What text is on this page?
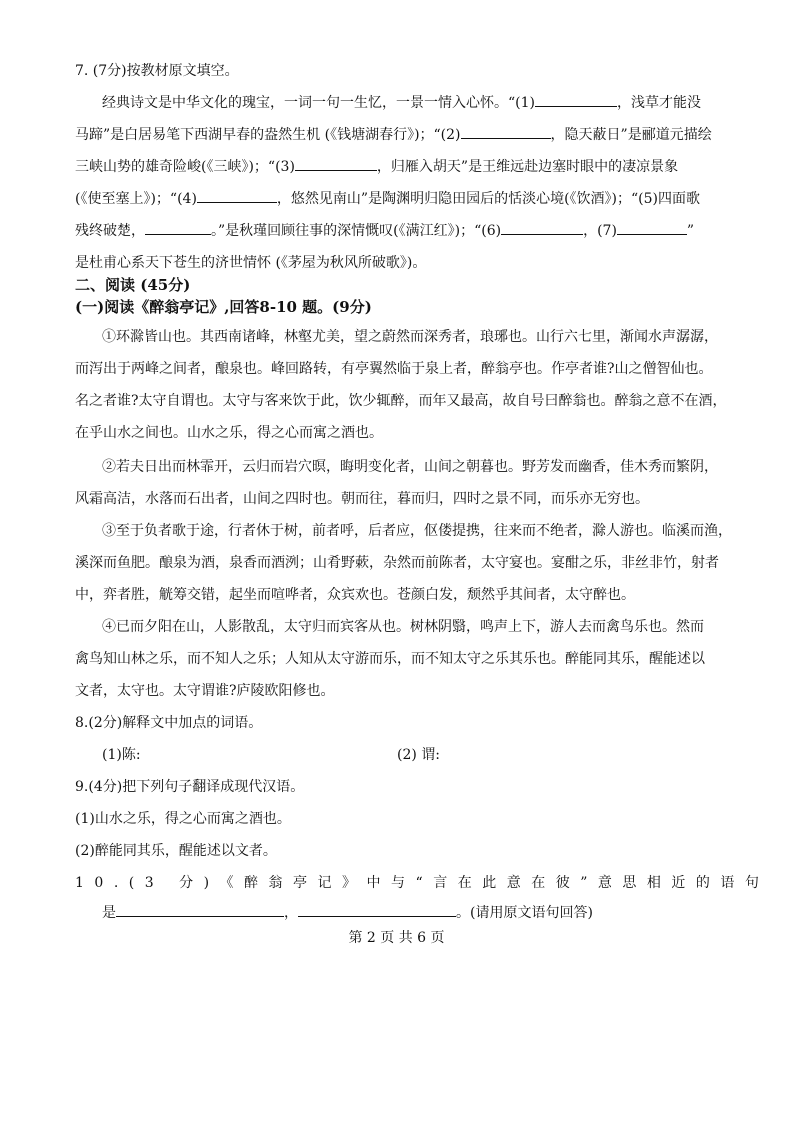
7. (7分)按教材原文填空。
经典诗文是中华文化的瑰宝，一词一句一生忆，一景一情入心怀。“(1)	，浅草才能没
马蹄”是白居易笔下西湖早春的盎然生机 (《钱塘湖春行》)；“(2)	，隐天蔽日”是郦道元描绘
三峡山势的雄奇险峻(《三峡》)；“(3)	，归雁入胡天”是王维远赴边塞时眼中的凄凉景象
(《使至塞上》)；“(4)	，悠然见南山”是陶渊明归隐田园后的恬淡心境(《饮酒》)；“(5)四面歌
残终破楚，	。”是秋瑾回顾往事的深情慨叹(《满江红》)；“(6)	，(7)	”
是杜甫心系天下苍生的济世情怀 (《茅屋为秋风所破歌》)。
二、阅读 (45分)
(一)阅读《醉翁亭记》,回答8-10 题。(9分)
①环滁皆山也。其西南诸峰，林壑尤美，望之蔚然而深秀者，琅琊也。山行六七里，渐闻水声潺潺，
而泻出于两峰之间者，酿泉也。峰回路转，有亭翼然临于泉上者，醉翁亭也。作亭者谁?山之僧智仙也。
名之者谁?太守自谓也。太守与客来饮于此，饮少辄醉，而年又最高，故自号曰醉翁也。醉翁之意不在酒，
在乎山水之间也。山水之乐，得之心而寓之酒也。
②若夫日出而林霏开，云归而岩穴暝，晦明变化者，山间之朝暮也。野芳发而幽香，佳木秀而繁阴，
风霜高洁，水落而石出者，山间之四时也。朝而往，暮而归，四时之景不同，而乐亦无穷也。
③至于负者歌于途，行者休于树，前者呼，后者应，伛偻提携，往来而不绝者，滁人游也。临溪而渔，
溪深而鱼肥。酿泉为酒，泉香而酒洌；山肴野蔌，杂然而前陈者，太守宴也。宴酣之乐，非丝非竹，射者
中，弈者胜，觥筹交错，起坐而喧哗者，众宾欢也。苍颜白发，颓然乎其间者，太守醉也。
④已而夕阳在山，人影散乱，太守归而宾客从也。树林阴翳，鸣声上下，游人去而禽鸟乐也。然而
禽鸟知山林之乐，而不知人之乐；人知从太守游而乐，而不知太守之乐其乐也。醉能同其乐，醒能述以
文者，太守也。太守谓谁?庐陵欧阳修也。
8.(2分)解释文中加点的词语。
(1)陈:	(2) 谓:
9.(4分)把下列句子翻译成现代汉语。
(1)山水之乐，得之心而寓之酒也。
(2)醉能同其乐，醒能述以文者。
10.(3 分)《醉翁亭记》中与“言在此意在彼”意思相近的语句
是	，	。(请用原文语句回答)
第 2 页 共 6 页
